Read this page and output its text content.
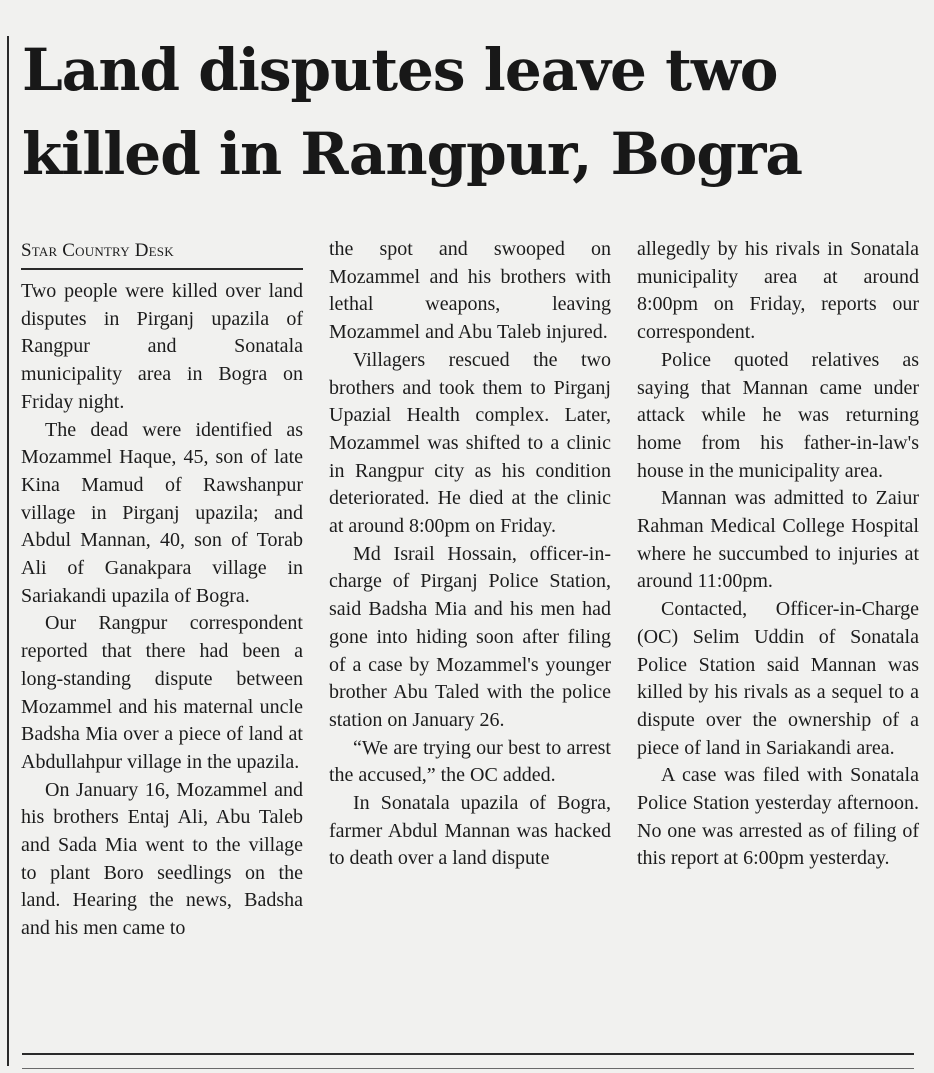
Land disputes leave two
killed in Rangpur, Bogra
Star Country Desk

Two people were killed over land disputes in Pirganj upazila of Rangpur and Sonatala municipality area in Bogra on Friday night.

The dead were identified as Mozammel Haque, 45, son of late Kina Mamud of Rawshanpur village in Pirganj upazila; and Abdul Mannan, 40, son of Torab Ali of Ganakpara village in Sariakandi upazila of Bogra.

Our Rangpur correspondent reported that there had been a long-standing dispute between Mozammel and his maternal uncle Badsha Mia over a piece of land at Abdullahpur village in the upazila.

On January 16, Mozammel and his brothers Entaj Ali, Abu Taleb and Sada Mia went to the village to plant Boro seedlings on the land. Hearing the news, Badsha and his men came to

the spot and swooped on Mozammel and his brothers with lethal weapons, leaving Mozammel and Abu Taleb injured.

Villagers rescued the two brothers and took them to Pirganj Upazial Health complex. Later, Mozammel was shifted to a clinic in Rangpur city as his condition deteriorated. He died at the clinic at around 8:00pm on Friday.

Md Israil Hossain, officer-in-charge of Pirganj Police Station, said Badsha Mia and his men had gone into hiding soon after filing of a case by Mozammel's younger brother Abu Taled with the police station on January 26.

“We are trying our best to arrest the accused,” the OC added.

In Sonatala upazila of Bogra, farmer Abdul Mannan was hacked to death over a land dispute

allegedly by his rivals in Sonatala municipality area at around 8:00pm on Friday, reports our correspondent.

Police quoted relatives as saying that Mannan came under attack while he was returning home from his father-in-law's house in the municipality area.

Mannan was admitted to Zaiur Rahman Medical College Hospital where he succumbed to injuries at around 11:00pm.

Contacted, Officer-in-Charge (OC) Selim Uddin of Sonatala Police Station said Mannan was killed by his rivals as a sequel to a dispute over the ownership of a piece of land in Sariakandi area.

A case was filed with Sonatala Police Station yesterday afternoon. No one was arrested as of filing of this report at 6:00pm yesterday.
